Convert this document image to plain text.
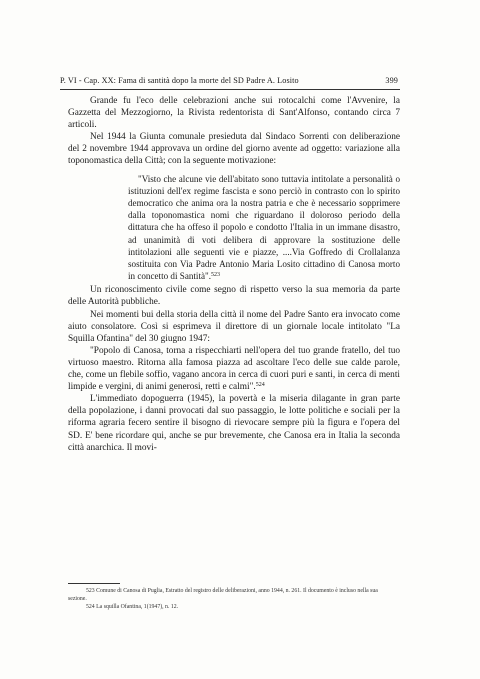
P. VI - Cap. XX: Fama di santità dopo la morte del SD Padre A. Losito	399

Grande fu l'eco delle celebrazioni anche sui rotocalchi come l'Avvenire, la Gazzetta del Mezzogiorno, la Rivista redentorista di Sant'Alfonso, contando circa 7 articoli.

Nel 1944 la Giunta comunale presieduta dal Sindaco Sorrenti con deliberazione del 2 novembre 1944 approvava un ordine del giorno avente ad oggetto: variazione alla toponomastica della Città; con la seguente motivazione:

"Visto che alcune vie dell'abitato sono tuttavia intitolate a personalità o istituzioni dell'ex regime fascista e sono perciò in contrasto con lo spirito democratico che anima ora la nostra patria e che è necessario sopprimere dalla toponomastica nomi che riguardano il doloroso periodo della dittatura che ha offeso il popolo e condotto l'Italia in un immane disastro, ad unanimità di voti delibera di approvare la sostituzione delle intitolazioni alle seguenti vie e piazze, ....Via Goffredo di Crollalanza sostituita con Via Padre Antonio Maria Losito cittadino di Canosa morto in concetto di Santità".$^{523}$

Un riconoscimento civile come segno di rispetto verso la sua memoria da parte delle Autorità pubbliche.

Nei momenti bui della storia della città il nome del Padre Santo era invocato come aiuto consolatore. Così si esprimeva il direttore di un giornale locale intitolato "La Squilla Ofantina" del 30 giugno 1947:

"Popolo di Canosa, torna a rispecchiarti nell'opera del tuo grande fratello, del tuo virtuoso maestro. Ritorna alla famosa piazza ad ascoltare l'eco delle sue calde parole, che, come un flebile soffio, vagano ancora in cerca di cuori puri e santi, in cerca di menti limpide e vergini, di animi generosi, retti e calmi".$^{524}$

L'immediato dopoguerra (1945), la povertà e la miseria dilagante in gran parte della popolazione, i danni provocati dal suo passaggio, le lotte politiche e sociali per la riforma agraria fecero sentire il bisogno di rievocare sempre più la figura e l'opera del SD. E' bene ricordare qui, anche se pur brevemente, che Canosa era in Italia la seconda città anarchica. Il movi-

523 Comune di Canosa di Puglia, Estratto del registro delle deliberazioni, anno 1944, n. 261. Il documento è incluso nella sua sezione.

524 La squilla Ofantina, 1(1947), n. 12.
